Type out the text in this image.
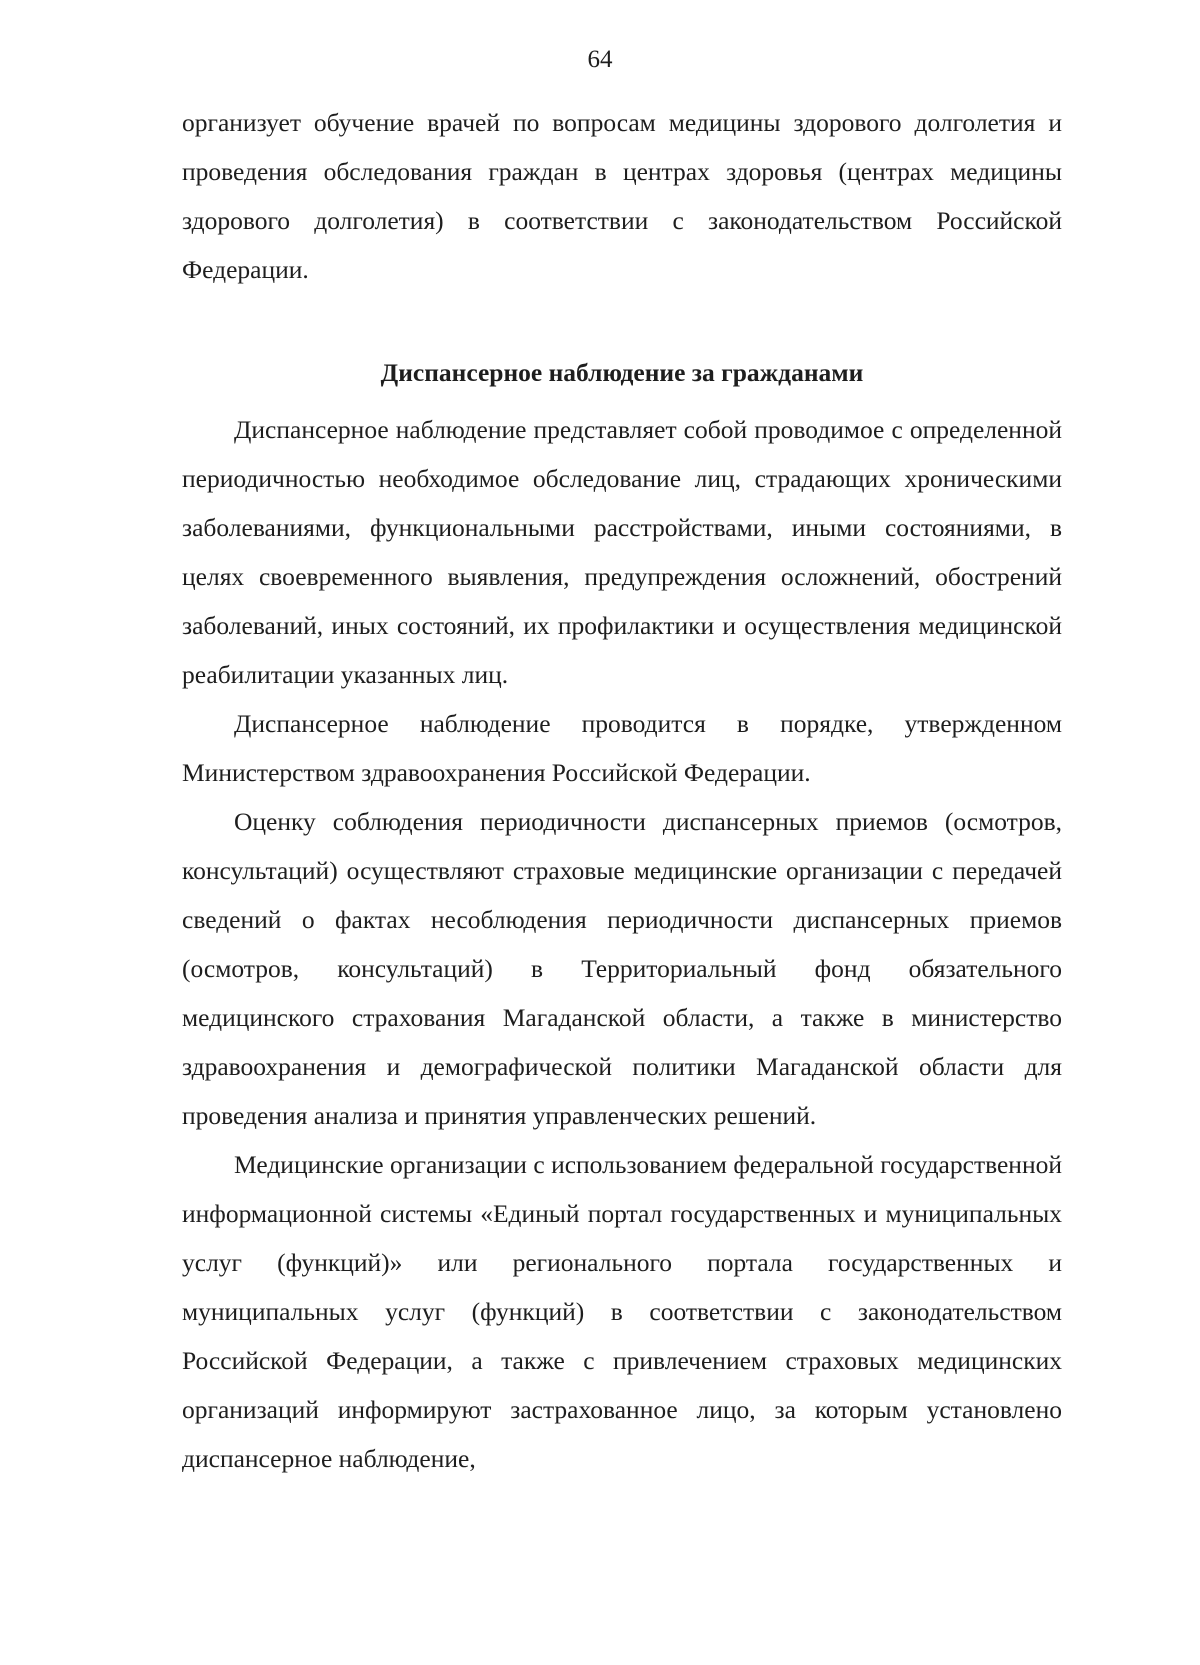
64

организует обучение врачей по вопросам медицины здорового долголетия и проведения обследования граждан в центрах здоровья (центрах медицины здорового долголетия) в соответствии с законодательством Российской Федерации.

Диспансерное наблюдение за гражданами

Диспансерное наблюдение представляет собой проводимое с определенной периодичностью необходимое обследование лиц, страдающих хроническими заболеваниями, функциональными расстройствами, иными состояниями, в целях своевременного выявления, предупреждения осложнений, обострений заболеваний, иных состояний, их профилактики и осуществления медицинской реабилитации указанных лиц.

Диспансерное наблюдение проводится в порядке, утвержденном Министерством здравоохранения Российской Федерации.

Оценку соблюдения периодичности диспансерных приемов (осмотров, консультаций) осуществляют страховые медицинские организации с передачей сведений о фактах несоблюдения периодичности диспансерных приемов (осмотров, консультаций) в Территориальный фонд обязательного медицинского страхования Магаданской области, а также в министерство здравоохранения и демографической политики Магаданской области для проведения анализа и принятия управленческих решений.

Медицинские организации с использованием федеральной государственной информационной системы «Единый портал государственных и муниципальных услуг (функций)» или регионального портала государственных и муниципальных услуг (функций) в соответствии с законодательством Российской Федерации, а также с привлечением страховых медицинских организаций информируют застрахованное лицо, за которым установлено диспансерное наблюдение,
